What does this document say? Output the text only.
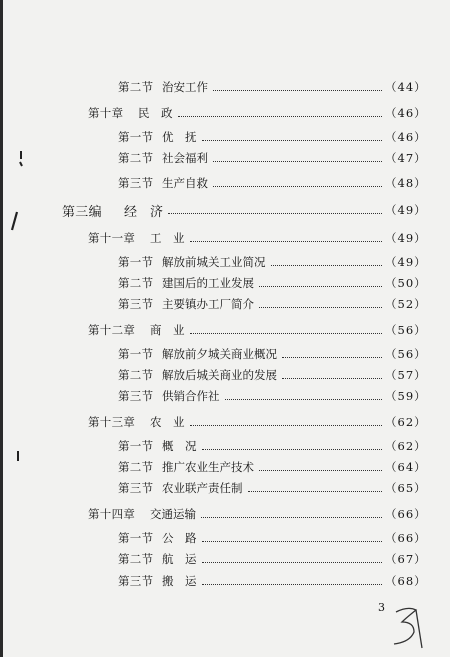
第二节 治安工作	（44）
第十章	民　政	（46）
第一节 优　抚	（46）
第二节 社会福利	（47）
第三节 生产自救	（48）
第三编	经　济	（49）
第十一章	工　业	（49）
第一节 解放前城关工业简况	（49）
第二节 建国后的工业发展	（50）
第三节 主要镇办工厂简介	（52）
第十二章	商　业	（56）
第一节 解放前夕城关商业概况	（56）
第二节 解放后城关商业的发展	（57）
第三节 供销合作社	（59）
第十三章	农　业	（62）
第一节 概　况	（62）
第二节 推广农业生产技术	（64）
第三节 农业联产责任制	（65）
第十四章	交通运输	（66）
第一节 公　路	（66）
第二节 航　运	（67）
第三节 搬　运	（68）
3
